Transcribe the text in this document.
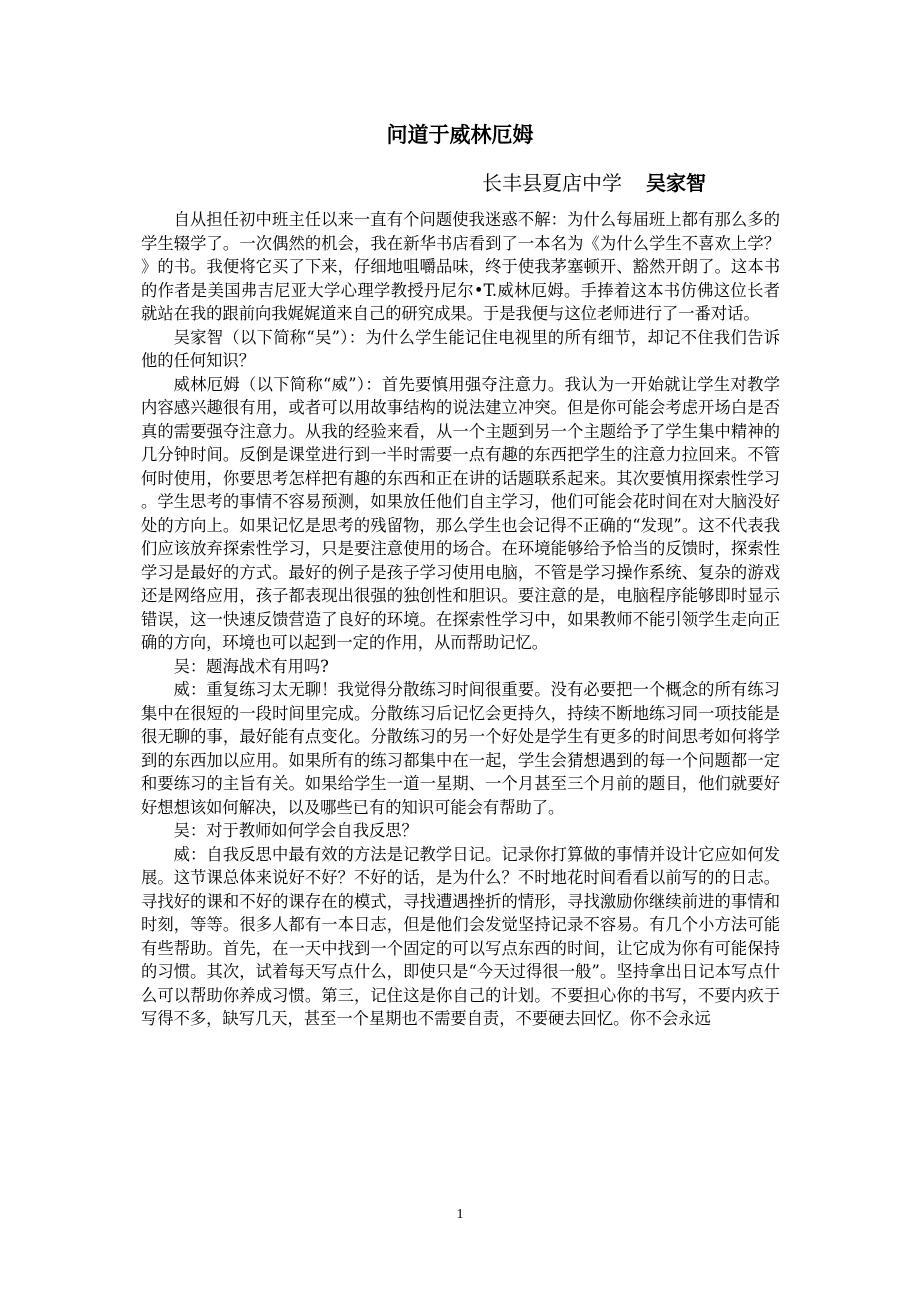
问道于威林厄姆
长丰县夏店中学 吴家智

自从担任初中班主任以来一直有个问题使我迷惑不解：为什么每届班上都有那么多的学生辍学了。一次偶然的机会，我在新华书店看到了一本名为《为什么学生不喜欢上学？》的书。我便将它买了下来，仔细地咀嚼品味，终于使我茅塞顿开、豁然开朗了。这本书的作者是美国弗吉尼亚大学心理学教授丹尼尔•T.威林厄姆。手捧着这本书仿佛这位长者就站在我的跟前向我娓娓道来自己的研究成果。于是我便与这位老师进行了一番对话。

吴家智（以下简称“吴”）：为什么学生能记住电视里的所有细节，却记不住我们告诉他的任何知识？

威林厄姆（以下简称“威”）：首先要慎用强夺注意力。我认为一开始就让学生对教学内容感兴趣很有用，或者可以用故事结构的说法建立冲突。但是你可能会考虑开场白是否真的需要强夺注意力。从我的经验来看，从一个主题到另一个主题给予了学生集中精神的几分钟时间。反倒是课堂进行到一半时需要一点有趣的东西把学生的注意力拉回来。不管何时使用，你要思考怎样把有趣的东西和正在讲的话题联系起来。其次要慎用探索性学习。学生思考的事情不容易预测，如果放任他们自主学习，他们可能会花时间在对大脑没好处的方向上。如果记忆是思考的残留物，那么学生也会记得不正确的“发现”。这不代表我们应该放弃探索性学习，只是要注意使用的场合。在环境能够给予恰当的反馈时，探索性学习是最好的方式。最好的例子是孩子学习使用电脑，不管是学习操作系统、复杂的游戏还是网络应用，孩子都表现出很强的独创性和胆识。要注意的是，电脑程序能够即时显示错误，这一快速反馈营造了良好的环境。在探索性学习中，如果教师不能引领学生走向正确的方向，环境也可以起到一定的作用，从而帮助记忆。

吴：题海战术有用吗?

威：重复练习太无聊！我觉得分散练习时间很重要。没有必要把一个概念的所有练习集中在很短的一段时间里完成。分散练习后记忆会更持久，持续不断地练习同一项技能是很无聊的事，最好能有点变化。分散练习的另一个好处是学生有更多的时间思考如何将学到的东西加以应用。如果所有的练习都集中在一起，学生会猜想遇到的每一个问题都一定和要练习的主旨有关。如果给学生一道一星期、一个月甚至三个月前的题目，他们就要好好想想该如何解决，以及哪些已有的知识可能会有帮助了。

吴：对于教师如何学会自我反思？

威：自我反思中最有效的方法是记教学日记。记录你打算做的事情并设计它应如何发展。这节课总体来说好不好？不好的话，是为什么？不时地花时间看看以前写的的日志。寻找好的课和不好的课存在的模式，寻找遭遇挫折的情形，寻找激励你继续前进的事情和时刻，等等。很多人都有一本日志，但是他们会发觉坚持记录不容易。有几个小方法可能有些帮助。首先，在一天中找到一个固定的可以写点东西的时间，让它成为你有可能保持的习惯。其次，试着每天写点什么，即使只是“今天过得很一般”。坚持拿出日记本写点什么可以帮助你养成习惯。第三，记住这是你自己的计划。不要担心你的书写，不要内疚于写得不多，缺写几天，甚至一个星期也不需要自责，不要硬去回忆。你不会永远

1
